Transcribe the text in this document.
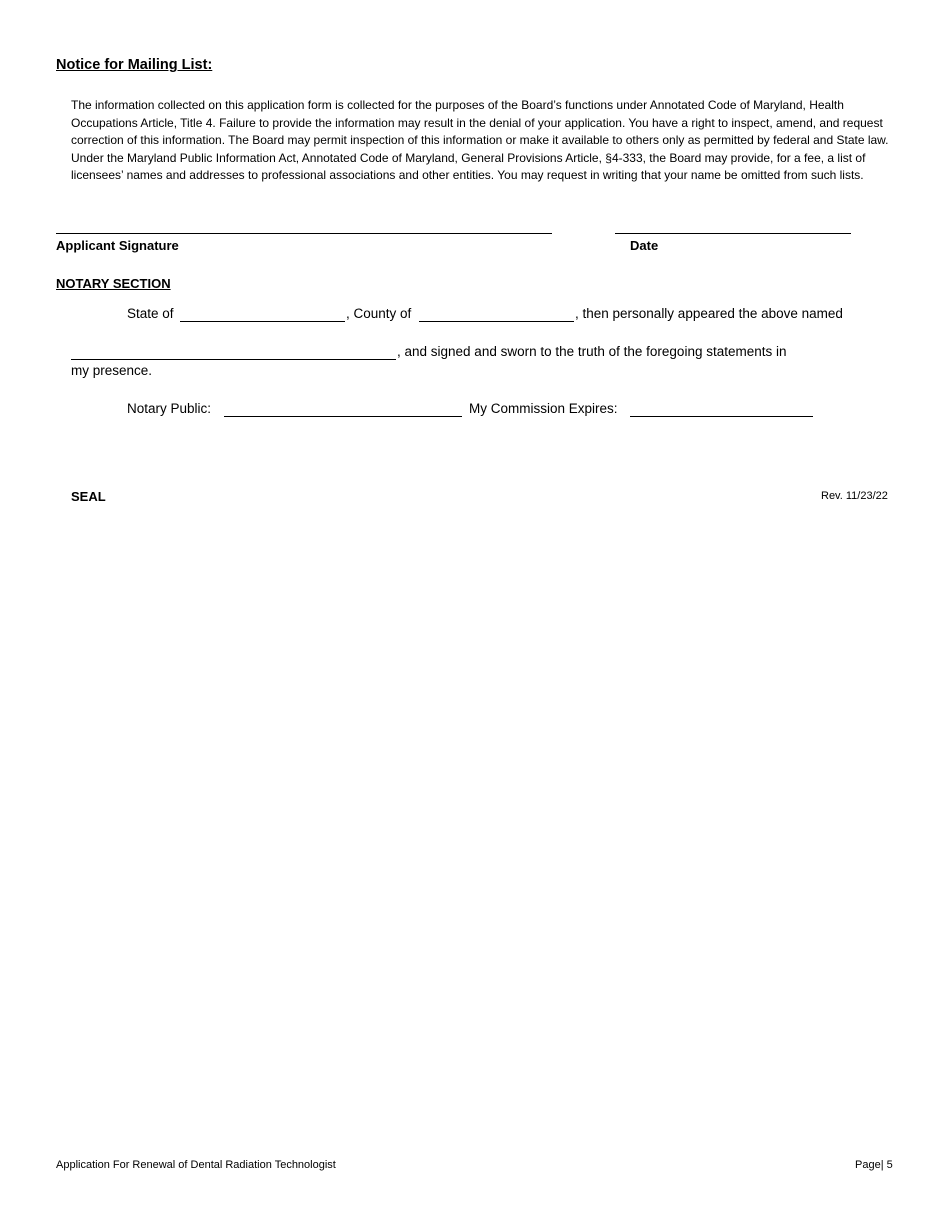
Notice for Mailing List:

The information collected on this application form is collected for the purposes of the Board’s functions under Annotated Code of Maryland, Health Occupations Article, Title 4. Failure to provide the information may result in the denial of your application. You have a right to inspect, amend, and request correction of this information. The Board may permit inspection of this information or make it available to others only as permitted by federal and State law. Under the Maryland Public Information Act, Annotated Code of Maryland, General Provisions Article, §4-333, the Board may provide, for a fee, a list of licensees’ names and addresses to professional associations and other entities. You may request in writing that your name be omitted from such lists.

Applicant Signature	Date
NOTARY SECTION
State of	, County of	, then personally appeared the above named
, and signed and sworn to the truth of the foregoing statements in
my presence.
Notary Public:	My Commission Expires:
SEAL	Rev. 11/23/22
Application For Renewal of Dental Radiation Technologist	Page| 5
